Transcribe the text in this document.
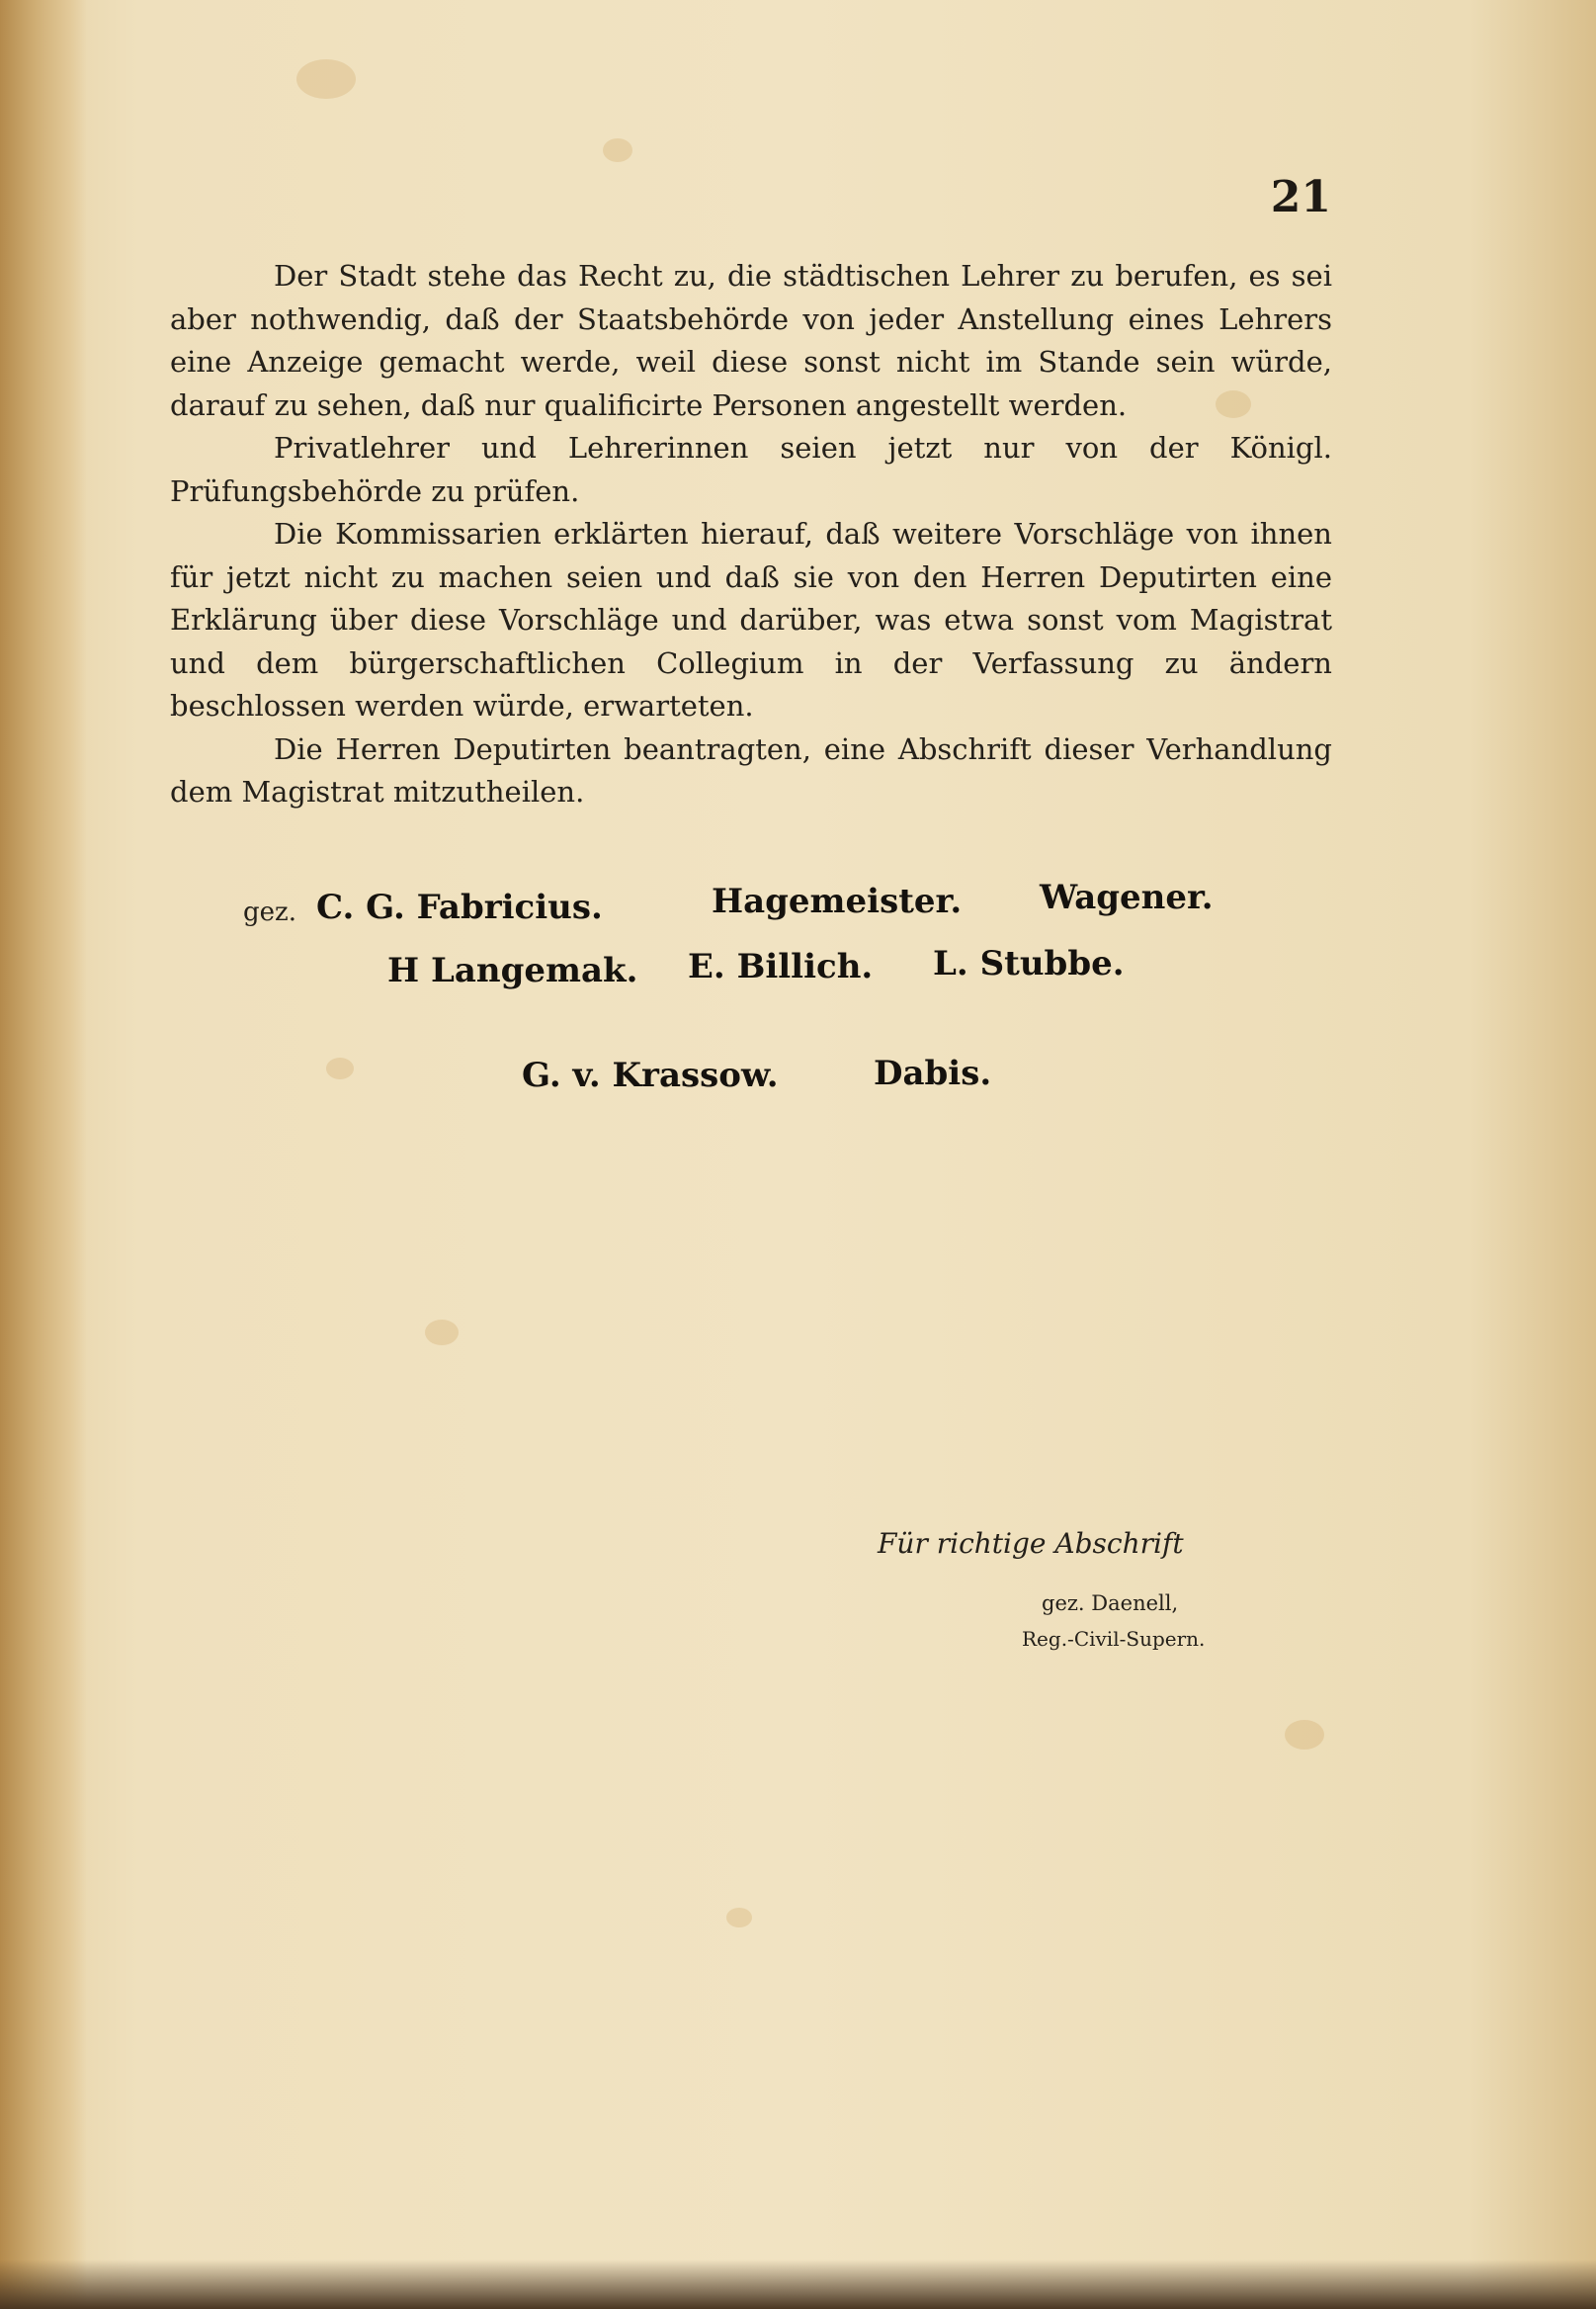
21

Der Stadt stehe das Recht zu, die städtischen Lehrer zu berufen, es sei aber nothwendig, daß der Staatsbehörde von jeder Anstellung eines Lehrers eine Anzeige gemacht werde, weil diese sonst nicht im Stande sein würde, darauf zu sehen, daß nur qualificirte Personen angestellt werden.

Privatlehrer und Lehrerinnen seien jetzt nur von der Königl. Prüfungsbehörde zu prüfen.

Die Kommissarien erklärten hierauf, daß weitere Vorschläge von ihnen für jetzt nicht zu machen seien und daß sie von den Herren Deputirten eine Erklärung über diese Vorschläge und darüber, was etwa sonst vom Magistrat und dem bürgerschaftlichen Collegium in der Verfassung zu ändern beschlossen werden würde, erwarteten.

Die Herren Deputirten beantragten, eine Abschrift dieser Verhandlung dem Magistrat mitzutheilen.

gez. C. G. Fabricius.	Hagemeister. Wagener.
H Langemak. E. Billich. L. Stubbe.
G. v. Krassow.	Dabis.
Für richtige Abschrift
gez. Daenell,
Reg.-Civil-Supern.
